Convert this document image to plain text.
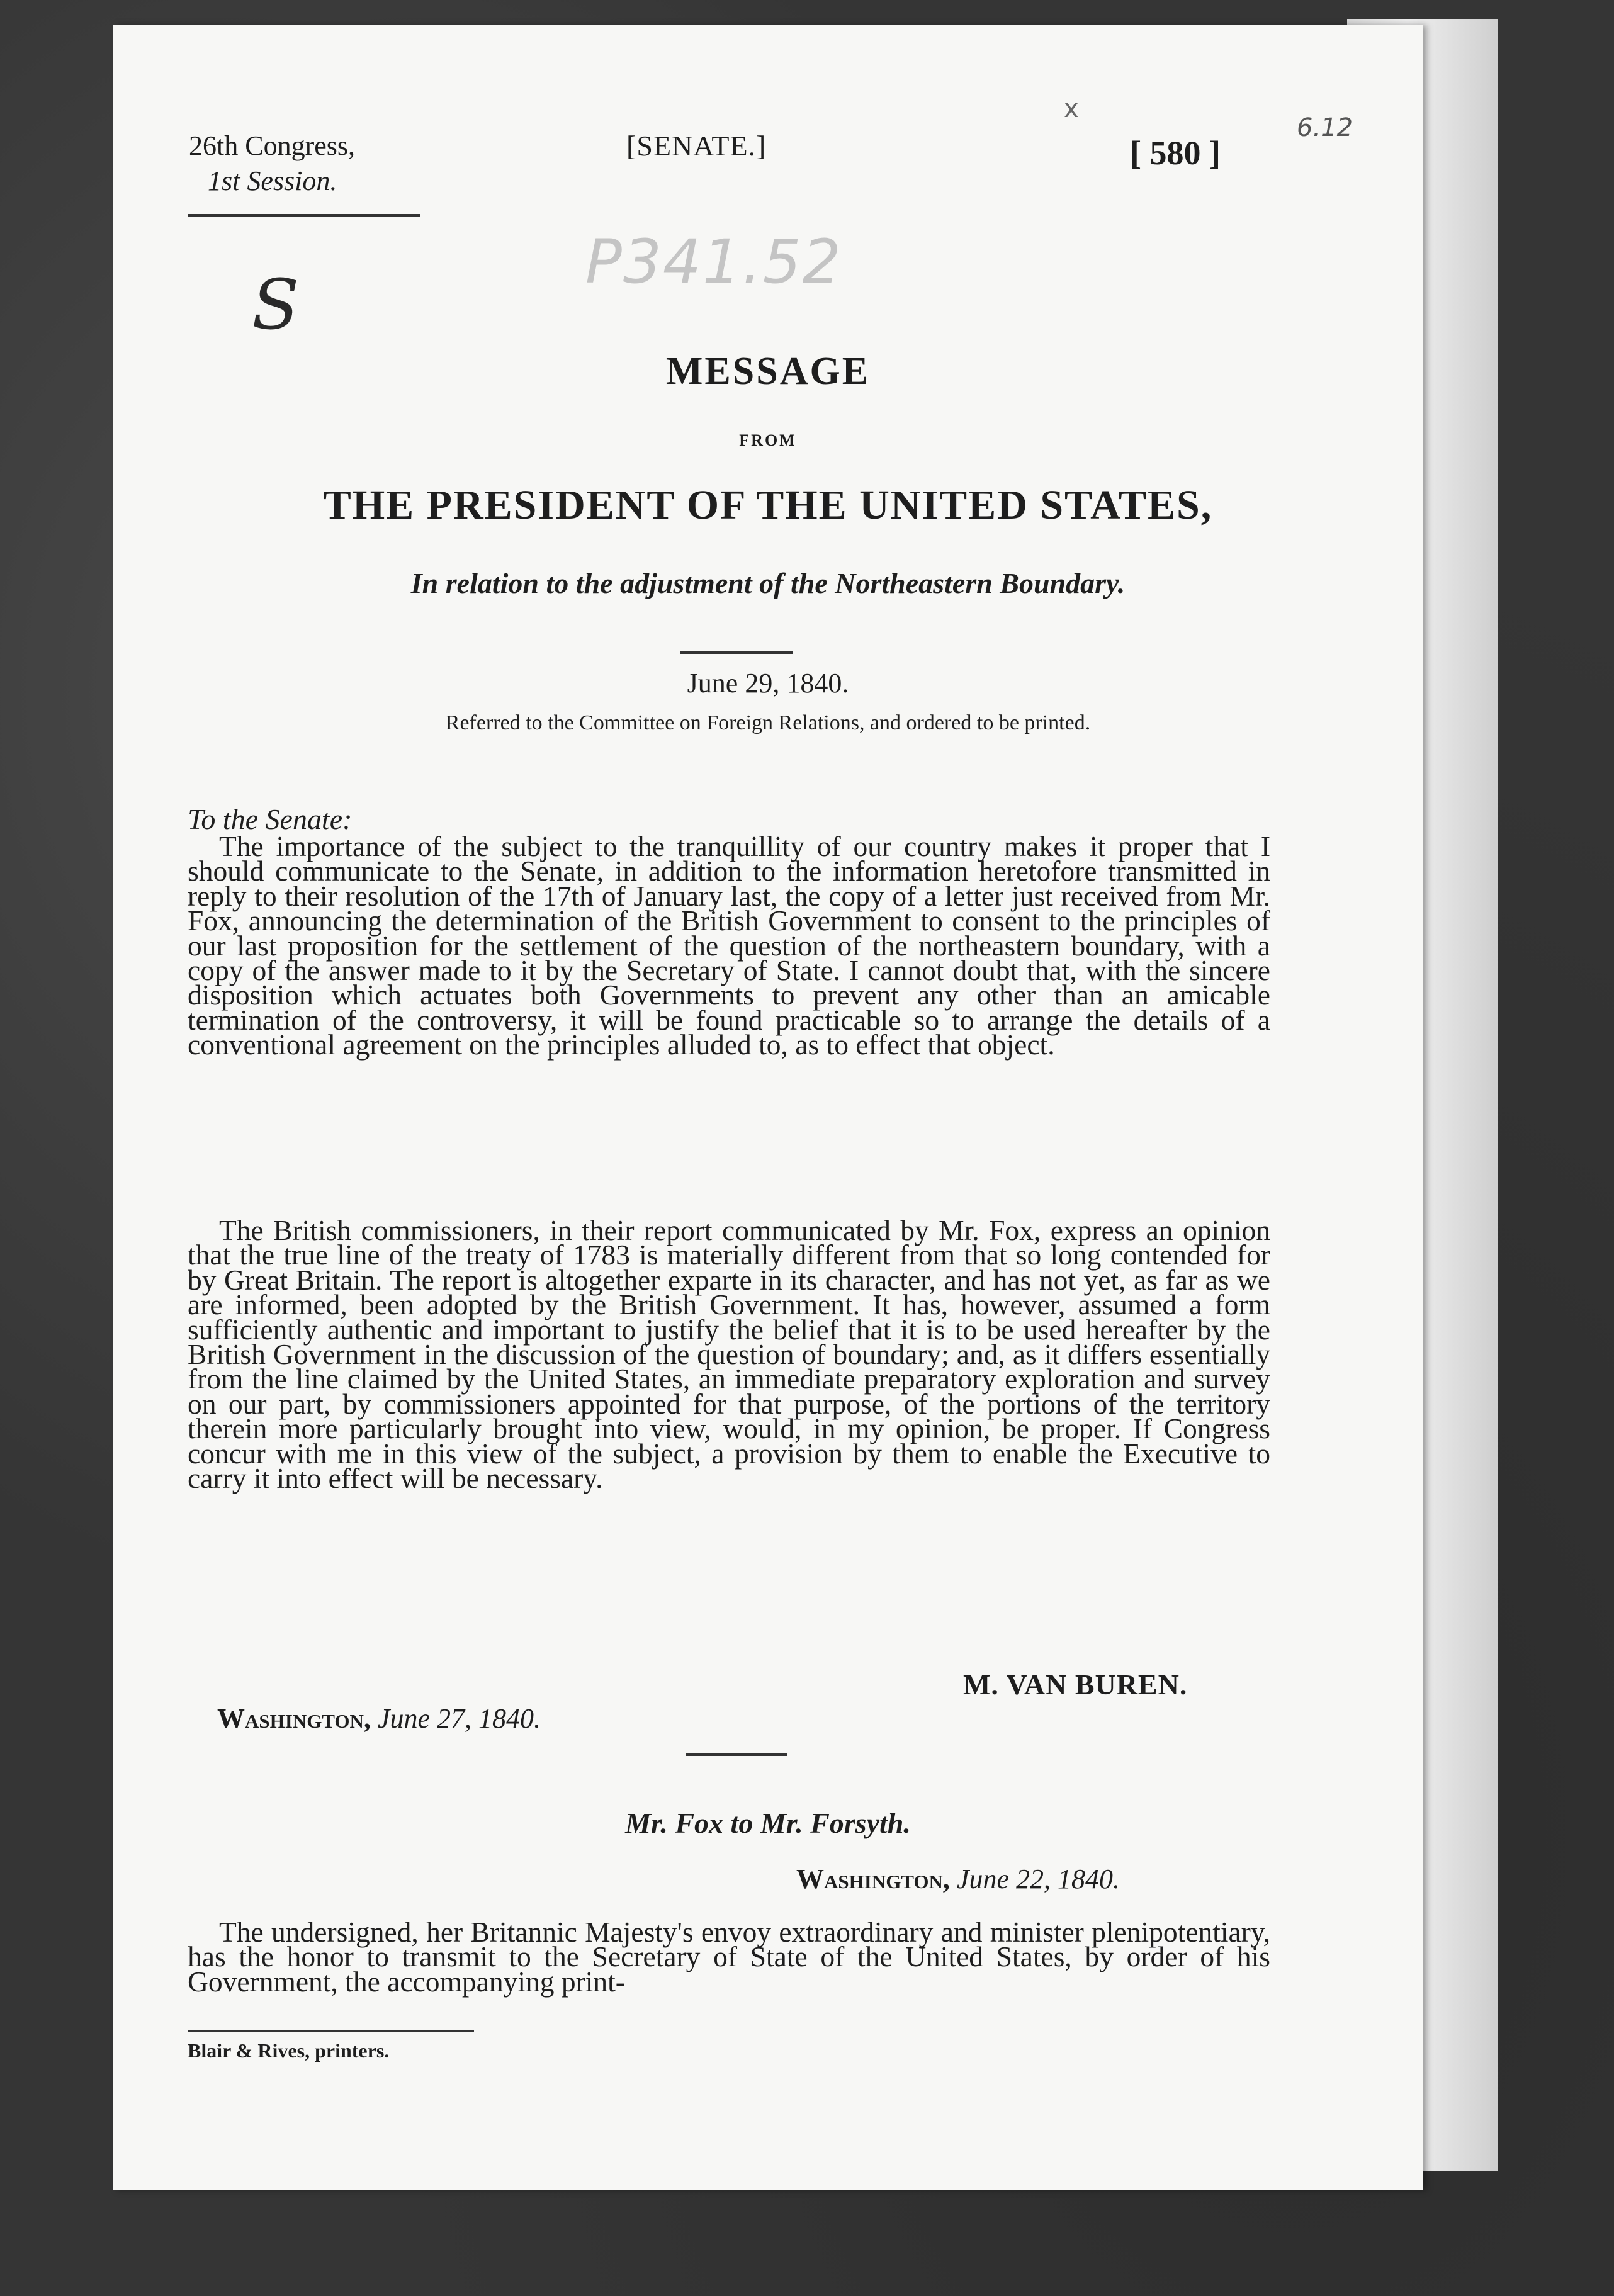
26th Congress,
1st Session.
[SENATE.]	[ 580 ]
x
6.12
P341.52
S
MESSAGE
FROM
THE PRESIDENT OF THE UNITED STATES,
In relation to the adjustment of the Northeastern Boundary.
June 29, 1840.
Referred to the Committee on Foreign Relations, and ordered to be printed.
To the Senate:
The importance of the subject to the tranquillity of our country makes it proper that I should communicate to the Senate, in addition to the information heretofore transmitted in reply to their resolution of the 17th of January last, the copy of a letter just received from Mr. Fox, announcing the determination of the British Government to consent to the principles of our last proposition for the settlement of the question of the northeastern boundary, with a copy of the answer made to it by the Secretary of State. I cannot doubt that, with the sincere disposition which actuates both Governments to prevent any other than an amicable termination of the controversy, it will be found practicable so to arrange the details of a conventional agreement on the principles alluded to, as to effect that object.
The British commissioners, in their report communicated by Mr. Fox, express an opinion that the true line of the treaty of 1783 is materially different from that so long contended for by Great Britain. The report is altogether exparte in its character, and has not yet, as far as we are informed, been adopted by the British Government. It has, however, assumed a form sufficiently authentic and important to justify the belief that it is to be used hereafter by the British Government in the discussion of the question of boundary; and, as it differs essentially from the line claimed by the United States, an immediate preparatory exploration and survey on our part, by commissioners appointed for that purpose, of the portions of the territory therein more particularly brought into view, would, in my opinion, be proper. If Congress concur with me in this view of the subject, a provision by them to enable the Executive to carry it into effect will be necessary.
M. VAN BUREN.
Washington, June 27, 1840.
Mr. Fox to Mr. Forsyth.
Washington, June 22, 1840.
The undersigned, her Britannic Majesty's envoy extraordinary and minister plenipotentiary, has the honor to transmit to the Secretary of State of the United States, by order of his Government, the accompanying print-
Blair & Rives, printers.
